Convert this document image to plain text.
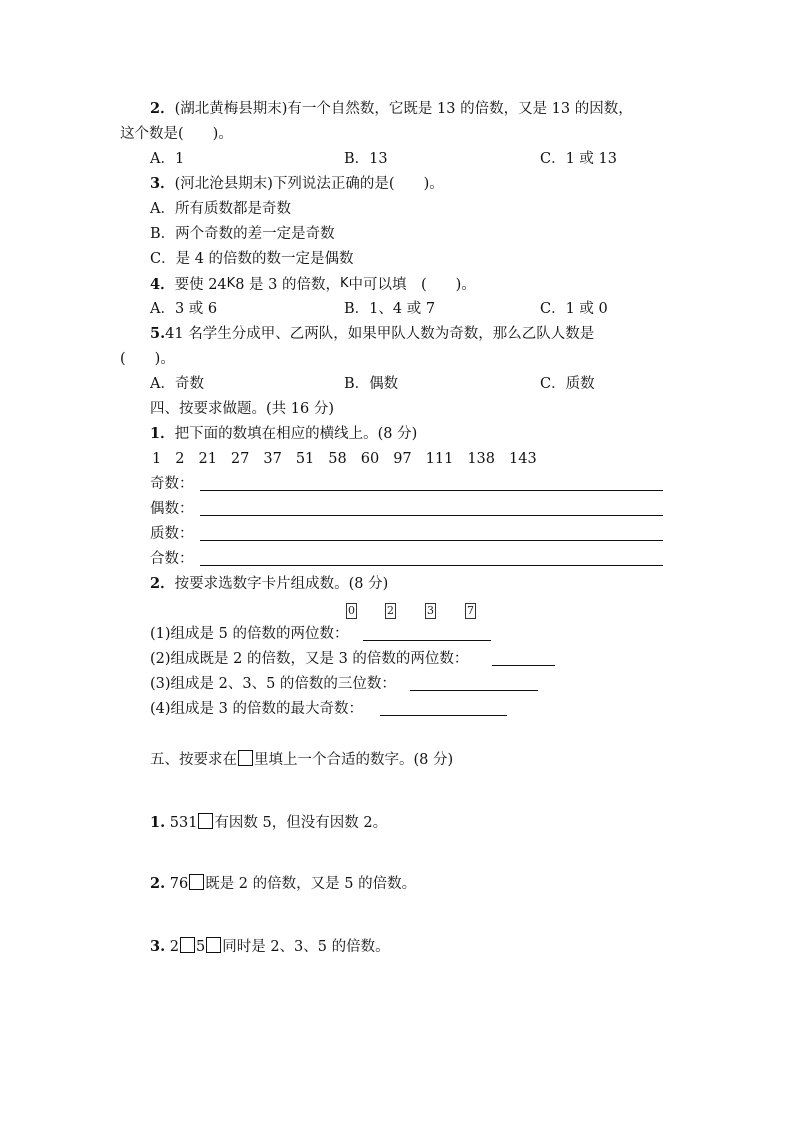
2．(湖北黄梅县期末)有一个自然数，它既是 13 的倍数，又是 13 的因数，
这个数是(　　)。
A．1	B．13	C．1 或 13
3．(河北沧县期末)下列说法正确的是(　　)。
A．所有质数都是奇数
B．两个奇数的差一定是奇数
C．是 4 的倍数的数一定是偶数
4．要使 24K8 是 3 的倍数，K中可以填　(　　)。
A．3 或 6	B．1、4 或 7	C．1 或 0
5.41 名学生分成甲、乙两队，如果甲队人数为奇数，那么乙队人数是
(　　)。
A．奇数	B．偶数	C．质数
四、按要求做题。(共 16 分)
1．把下面的数填在相应的横线上。(8 分)
1 2 21 27 37 51 58 60 97 111 138 143
奇数：
偶数：
质数：
合数：
2．按要求选数字卡片组成数。(8 分)
0	2	3	7
(1)组成是 5 的倍数的两位数：
(2)组成既是 2 的倍数，又是 3 的倍数的两位数：
(3)组成是 2、3、5 的倍数的三位数：
(4)组成是 3 的倍数的最大奇数：
五、按要求在 里填上一个合适的数字。(8 分)
1. 531 有因数 5，但没有因数 2。
2. 76 既是 2 的倍数，又是 5 的倍数。
3. 2 5 同时是 2、3、5 的倍数。
